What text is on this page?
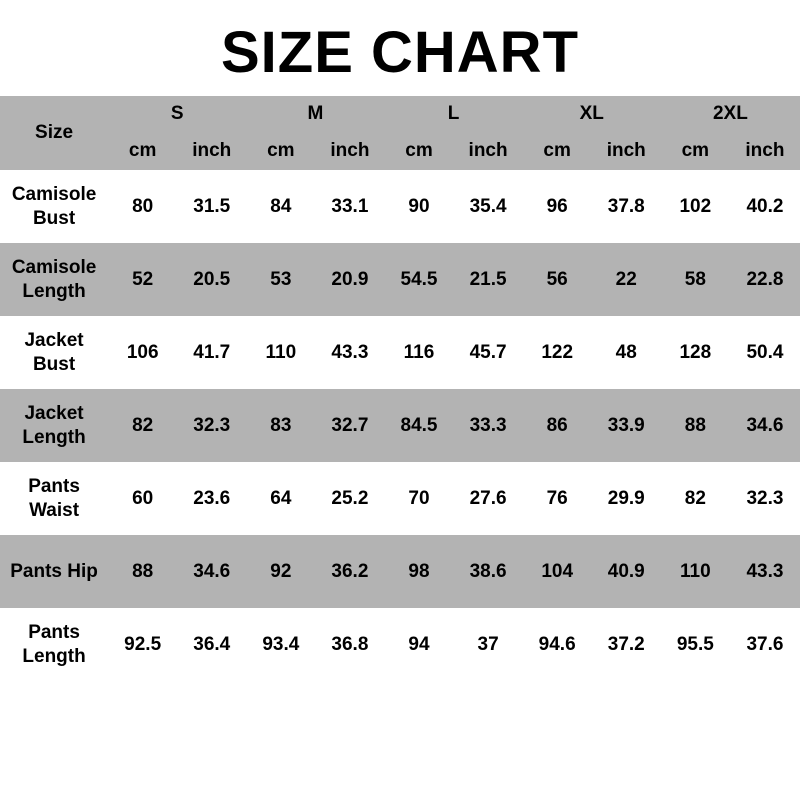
SIZE CHART
Size	S		M		L		XL		2XL	
	cm	inch	cm	inch	cm	inch	cm	inch	cm	inch

Camisole
Bust	80	31.5	84	33.1	90	35.4	96	37.8	102	40.2

Camisole
Length	52	20.5	53	20.9	54.5	21.5	56	22	58	22.8

Jacket
Bust	106	41.7	110	43.3	116	45.7	122	48	128	50.4

Jacket
Length	82	32.3	83	32.7	84.5	33.3	86	33.9	88	34.6

Pants
Waist	60	23.6	64	25.2	70	27.6	76	29.9	82	32.3

Pants Hip	88	34.6	92	36.2	98	38.6	104	40.9	110	43.3

Pants
Length	92.5	36.4	93.4	36.8	94	37	94.6	37.2	95.5	37.6
